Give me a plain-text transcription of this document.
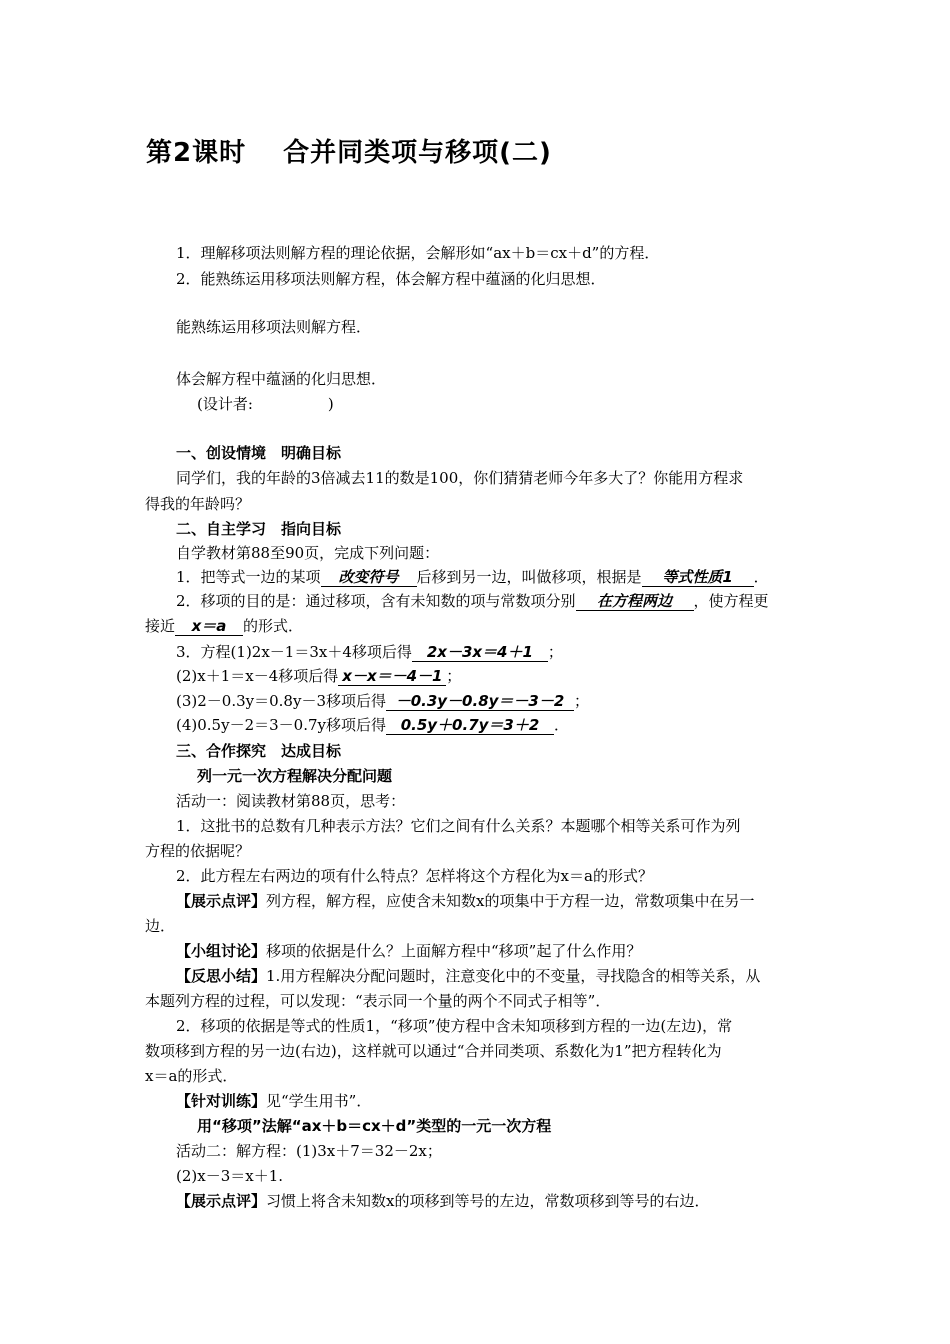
第2课时　 合并同类项与移项(二)
1．理解移项法则解方程的理论依据，会解形如“ax＋b＝cx＋d”的方程．
2．能熟练运用移项法则解方程，体会解方程中蕴涵的化归思想．
能熟练运用移项法则解方程．
体会解方程中蕴涵的化归思想．
(设计者:　　　　　)
一、创设情境　明确目标
同学们，我的年龄的3倍减去11的数是100，你们猜猜老师今年多大了？你能用方程求
得我的年龄吗？
二、自主学习　指向目标
自学教材第88至90页，完成下列问题：
1．把等式一边的某项 改变符号 后移到另一边，叫做移项，根据是 等式性质1 ．
2．移项的目的是：通过移项，含有未知数的项与常数项分别 在方程两边 ，使方程更
接近 x＝a 的形式．
3．方程(1)2x－1＝3x＋4移项后得 2x－3x＝4＋1 ；
(2)x＋1＝x－4移项后得 x－x＝－4－1 ；
(3)2－0.3y＝0.8y－3移项后得 －0.3y－0.8y＝－3－2 ；
(4)0.5y－2＝3－0.7y移项后得 0.5y＋0.7y＝3＋2 ．
三、合作探究　达成目标
列一元一次方程解决分配问题
活动一：阅读教材第88页，思考：
1．这批书的总数有几种表示方法？它们之间有什么关系？本题哪个相等关系可作为列
方程的依据呢？
2．此方程左右两边的项有什么特点？怎样将这个方程化为x＝a的形式？
【展示点评】列方程，解方程，应使含未知数x的项集中于方程一边，常数项集中在另一
边．
【小组讨论】移项的依据是什么？上面解方程中“移项”起了什么作用？
【反思小结】1.用方程解决分配问题时，注意变化中的不变量，寻找隐含的相等关系，从
本题列方程的过程，可以发现：“表示同一个量的两个不同式子相等”．
2．移项的依据是等式的性质1，“移项”使方程中含未知项移到方程的一边(左边)，常
数项移到方程的另一边(右边)，这样就可以通过“合并同类项、系数化为1”把方程转化为
x＝a的形式．
【针对训练】见“学生用书”．
用“移项”法解“ax＋b＝cx＋d”类型的一元一次方程
活动二：解方程：(1)3x＋7＝32－2x；
(2)x－3＝x＋1.
【展示点评】习惯上将含未知数x的项移到等号的左边，常数项移到等号的右边．
